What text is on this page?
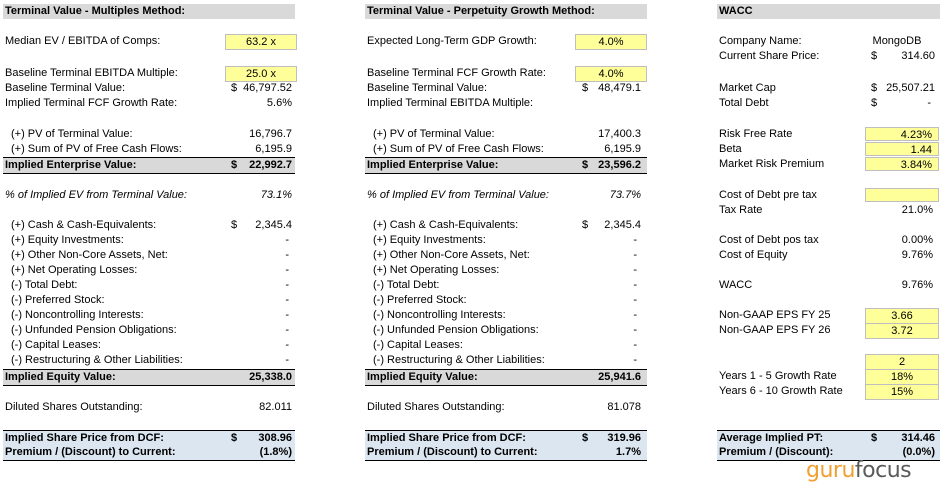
Terminal Value - Multiples Method:
Median EV / EBITDA of Comps:	63.2 x
Baseline Terminal EBITDA Multiple:	25.0 x
Baseline Terminal Value:	$ 46,797.52
Implied Terminal FCF Growth Rate:	5.6%
(+) PV of Terminal Value:	16,796.7
(+) Sum of PV of Free Cash Flows:	6,195.9
Implied Enterprise Value:	$	22,992.7
% of Implied EV from Terminal Value:	73.1%
(+) Cash & Cash-Equivalents:	$	2,345.4
(+) Equity Investments:	-
(+) Other Non-Core Assets, Net:	-
(+) Net Operating Losses:	-
(-) Total Debt:	-
(-) Preferred Stock:	-
(-) Noncontrolling Interests:	-
(-) Unfunded Pension Obligations:	-
(-) Capital Leases:	-
(-) Restructuring & Other Liabilities:	-
Implied Equity Value:	25,338.0
Diluted Shares Outstanding:	82.011
Implied Share Price from DCF:	$	308.96
Premium / (Discount) to Current:	(1.8%)
Terminal Value - Perpetuity Growth Method:
Expected Long-Term GDP Growth:	4.0%
Baseline Terminal FCF Growth Rate:	4.0%
Baseline Terminal Value:	$ 48,479.1
Implied Terminal EBITDA Multiple:
(+) PV of Terminal Value:	17,400.3
(+) Sum of PV of Free Cash Flows:	6,195.9
Implied Enterprise Value:	$ 23,596.2
% of Implied EV from Terminal Value:	73.7%
(+) Cash & Cash-Equivalents:	$	2,345.4
(+) Equity Investments:	-
(+) Other Non-Core Assets, Net:	-
(+) Net Operating Losses:	-
(-) Total Debt:	-
(-) Preferred Stock:	-
(-) Noncontrolling Interests:	-
(-) Unfunded Pension Obligations:	-
(-) Capital Leases:	-
(-) Restructuring & Other Liabilities:	-
Implied Equity Value:	25,941.6
Diluted Shares Outstanding:	81.078
Implied Share Price from DCF:	$	319.96
Premium / (Discount) to Current:	1.7%
WACC
Company Name:	MongoDB
Current Share Price:	$	314.60
Market Cap	$ 25,507.21
Total Debt	$	-
Risk Free Rate	4.23%
Beta	1.44
Market Risk Premium	3.84%
Cost of Debt pre tax
Tax Rate	21.0%
Cost of Debt pos tax	0.00%
Cost of Equity	9.76%
WACC	9.76%
Non-GAAP EPS FY 25	3.66
Non-GAAP EPS FY 26	3.72
2
Years 1 - 5 Growth Rate	18%
Years 6 - 10 Growth Rate	15%
Average Implied PT:	$	314.46
Premium / (Discount):	(0.0%)
gurufocus
